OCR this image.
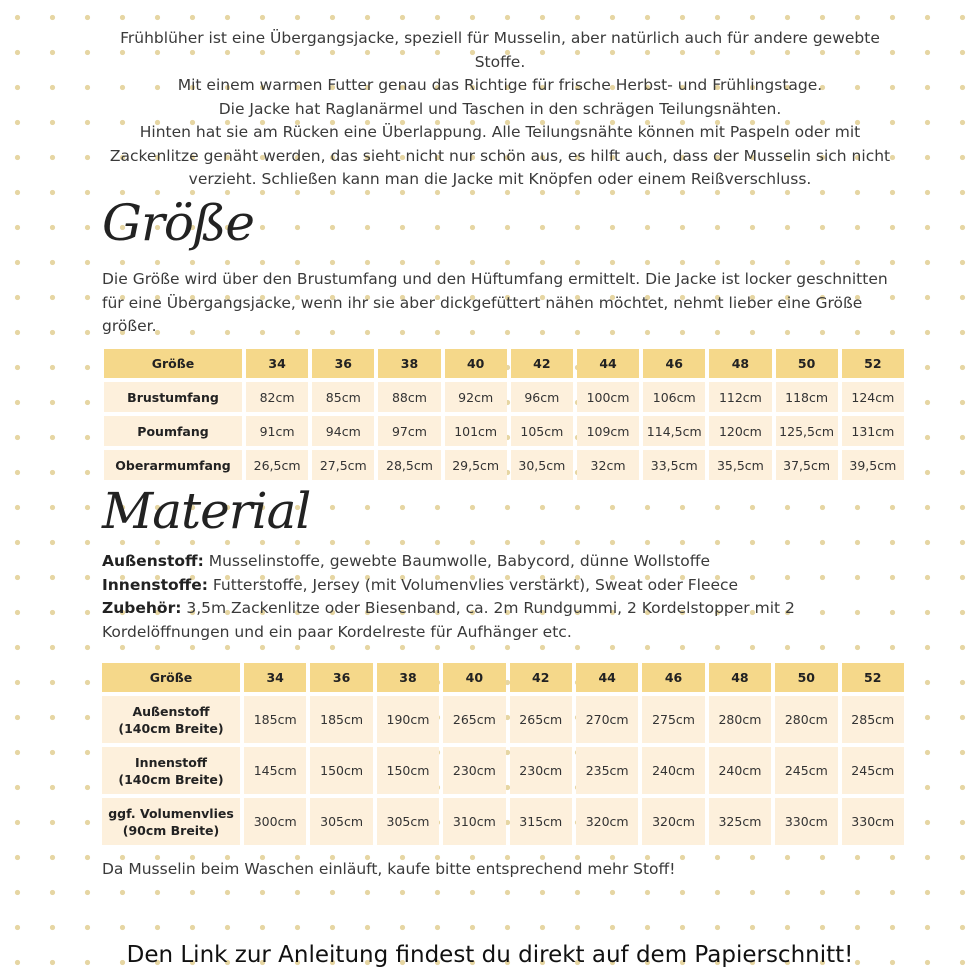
Frühblüher ist eine Übergangsjacke, speziell für Musselin, aber natürlich auch für andere gewebte Stoffe.

Mit einem warmen Futter genau das Richtige für frische Herbst- und Frühlingstage.

Die Jacke hat Raglanärmel und Taschen in den schrägen Teilungsnähten.

Hinten hat sie am Rücken eine Überlappung. Alle Teilungsnähte können mit Paspeln oder mit Zackenlitze genäht werden, das sieht nicht nur schön aus, es hilft auch, dass der Musselin sich nicht verzieht. Schließen kann man die Jacke mit Knöpfen oder einem Reißverschluss.

Größe

Die Größe wird über den Brustumfang und den Hüftumfang ermittelt. Die Jacke ist locker geschnitten für eine Übergangsjacke, wenn ihr sie aber dickgefüttert nähen möchtet, nehmt lieber eine Größe größer.

Größe	34	36	38	40	42	44	46	48	50	52
Brustumfang	82cm	85cm	88cm	92cm	96cm	100cm	106cm	112cm	118cm	124cm
Poumfang	91cm	94cm	97cm	101cm	105cm	109cm	114,5cm	120cm	125,5cm	131cm
Oberarmumfang	26,5cm	27,5cm	28,5cm	29,5cm	30,5cm	32cm	33,5cm	35,5cm	37,5cm	39,5cm
Material

Außenstoff: Musselinstoffe, gewebte Baumwolle, Babycord, dünne Wollstoffe

Innenstoffe: Futterstoffe, Jersey (mit Volumenvlies verstärkt), Sweat oder Fleece

Zubehör: 3,5m Zackenlitze oder Biesenband, ca. 2m Rundgummi, 2 Kordelstopper mit 2 Kordelöffnungen und ein paar Kordelreste für Aufhänger etc.

Größe	34	36	38	40	42	44	46	48	50	52
Außenstoff
(140cm Breite)	185cm	185cm	190cm	265cm	265cm	270cm	275cm	280cm	280cm	285cm
Innenstoff
(140cm Breite)	145cm	150cm	150cm	230cm	230cm	235cm	240cm	240cm	245cm	245cm
ggf. Volumenvlies
(90cm Breite)	300cm	305cm	305cm	310cm	315cm	320cm	320cm	325cm	330cm	330cm

Da Musselin beim Waschen einläuft, kaufe bitte entsprechend mehr Stoff!

Den Link zur Anleitung findest du direkt auf dem Papierschnitt!
